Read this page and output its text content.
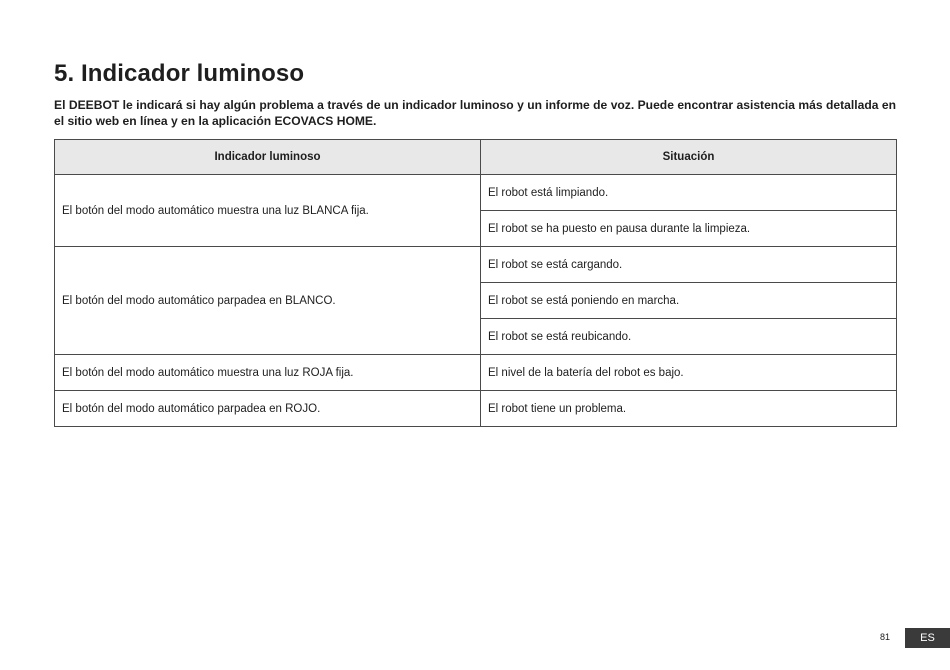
5. Indicador luminoso

El DEEBOT le indicará si hay algún problema a través de un indicador luminoso y un informe de voz. Puede encontrar asistencia más detallada en el sitio web en línea y en la aplicación ECOVACS HOME.

Indicador luminoso	Situación
El botón del modo automático muestra una luz BLANCA fija.	El robot está limpiando.
	El robot se ha puesto en pausa durante la limpieza.
El botón del modo automático parpadea en BLANCO.	El robot se está cargando.
	El robot se está poniendo en marcha.
	El robot se está reubicando.
El botón del modo automático muestra una luz ROJA fija.	El nivel de la batería del robot es bajo.
El botón del modo automático parpadea en ROJO.	El robot tiene un problema.
81	ES
